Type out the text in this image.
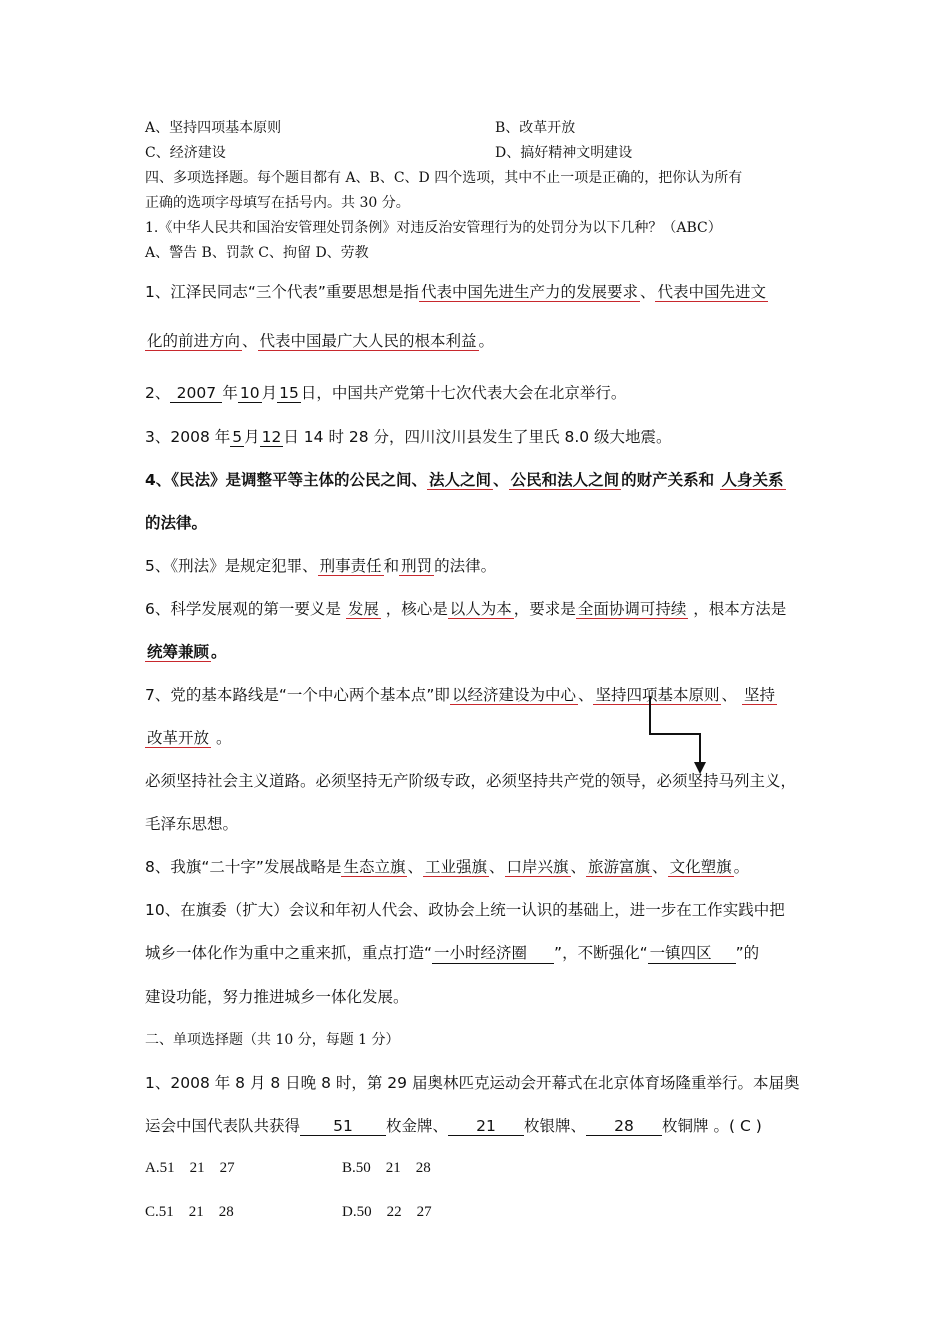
A、坚持四项基本原则	B、改革开放
C、经济建设	D、搞好精神文明建设
四、多项选择题。每个题目都有 A、B、C、D 四个选项，其中不止一项是正确的，把你认为所有
正确的选项字母填写在括号内。共 30 分。
1.《中华人民共和国治安管理处罚条例》对违反治安管理行为的处罚分为以下几种？（ABC）
A、警告 B、罚款 C、拘留 D、劳教
1、江泽民同志“三个代表”重要思想是指 代表中国先进生产力的发展要求 、 代表中国先进文
化的前进方向 、 代表中国最广大人民的根本利益 。
2、 2007 年 10 月 15 日，中国共产党第十七次代表大会在北京举行。
3、2008 年 5 月 12 日 14 时 28 分，四川汶川县发生了里氏 8.0 级大地震。
4、《民法》是调整平等主体的公民之间、 法人之间 、 公民和法人之间 的财产关系和 人身关系
的法律。
5、《刑法》是规定犯罪、 刑事责任 和 刑罚 的法律。
6、科学发展观的第一要义是 发展 ，核心是 以人为本 ，要求是 全面协调可持续 ，根本方法是
统筹兼顾 。
7、党的基本路线是“一个中心两个基本点”即 以经济建设为中心 、 坚持四项基本原则 、 坚持
改革开放 。
必须坚持社会主义道路。必须坚持无产阶级专政，必须坚持共产党的领导，必须坚持马列主义，
毛泽东思想。
8、我旗“二十字”发展战略是 生态立旗 、 工业强旗 、 口岸兴旗 、 旅游富旗 、 文化塑旗 。
10、在旗委（扩大）会议和年初人代会、政协会上统一认识的基础上，进一步在工作实践中把
城乡一体化作为重中之重来抓，重点打造“ 一小时经济圈 ”，不断强化“ 一镇四区 ”的
建设功能，努力推进城乡一体化发展。
二、单项选择题（共 10 分，每题 1 分）
1、2008 年 8 月 8 日晚 8 时，第 29 届奥林匹克运动会开幕式在北京体育场隆重举行。本届奥
运会中国代表队共获得 51 枚金牌、 21 枚银牌、 28 枚铜牌 。( C )
A.51    21    27	B.50    21    28
C.51    21    28	D.50    22    27
